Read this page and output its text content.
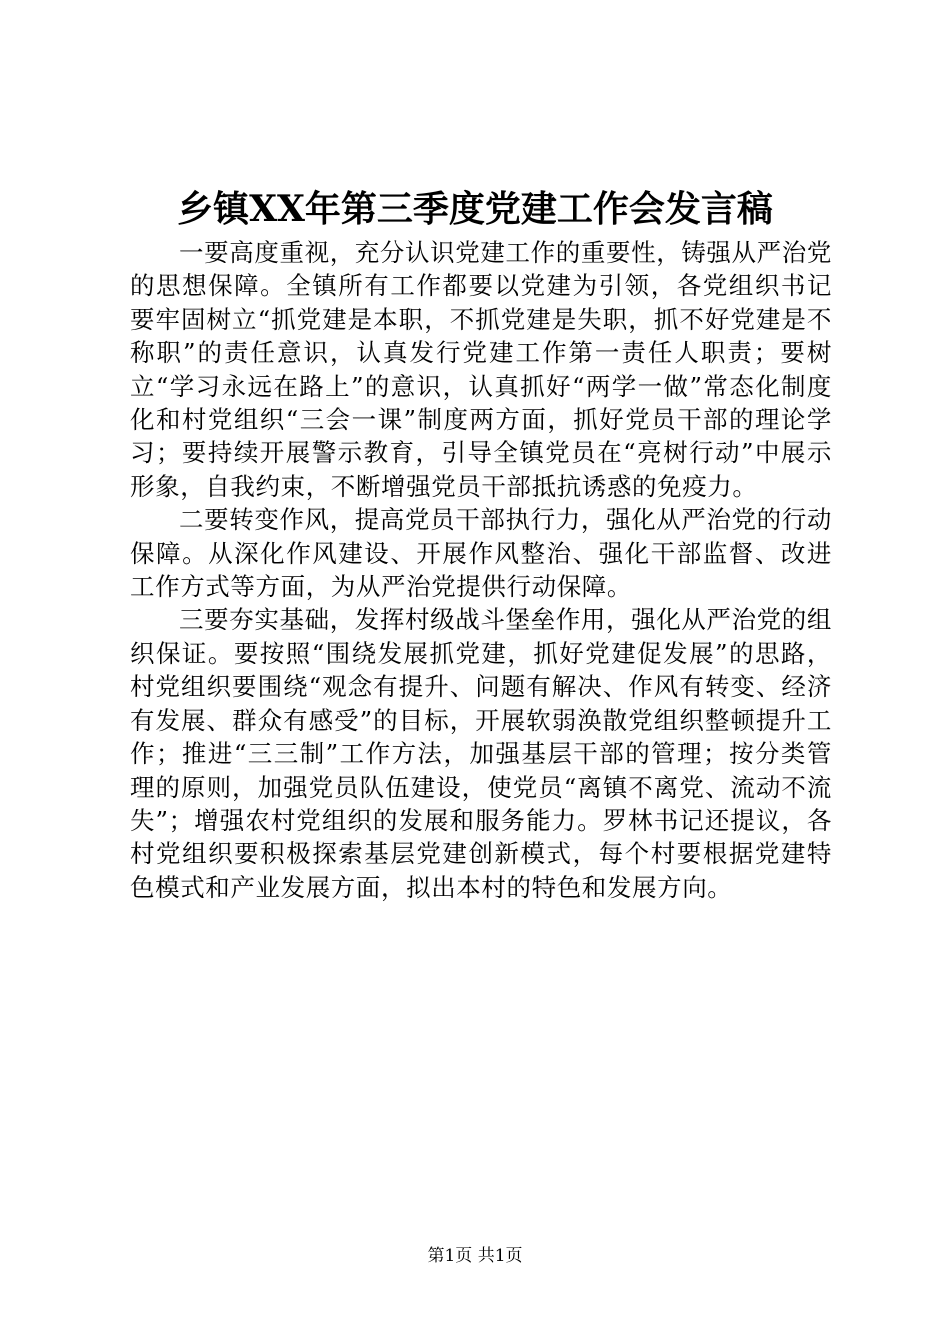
乡镇XX年第三季度党建工作会发言稿

一要高度重视，充分认识党建工作的重要性，铸强从严治党的思想保障。全镇所有工作都要以党建为引领，各党组织书记要牢固树立“抓党建是本职，不抓党建是失职，抓不好党建是不称职”的责任意识，认真发行党建工作第一责任人职责；要树立“学习永远在路上”的意识，认真抓好“两学一做”常态化制度化和村党组织“三会一课”制度两方面，抓好党员干部的理论学习；要持续开展警示教育，引导全镇党员在“亮树行动”中展示形象，自我约束，不断增强党员干部抵抗诱惑的免疫力。

二要转变作风，提高党员干部执行力，强化从严治党的行动保障。从深化作风建设、开展作风整治、强化干部监督、改进工作方式等方面，为从严治党提供行动保障。

三要夯实基础，发挥村级战斗堡垒作用，强化从严治党的组织保证。要按照“围绕发展抓党建，抓好党建促发展”的思路，村党组织要围绕“观念有提升、问题有解决、作风有转变、经济有发展、群众有感受”的目标，开展软弱涣散党组织整顿提升工作；推进“三三制”工作方法，加强基层干部的管理；按分类管理的原则，加强党员队伍建设，使党员“离镇不离党、流动不流失”；增强农村党组织的发展和服务能力。罗林书记还提议，各村党组织要积极探索基层党建创新模式，每个村要根据党建特色模式和产业发展方面，拟出本村的特色和发展方向。

第1页 共1页
